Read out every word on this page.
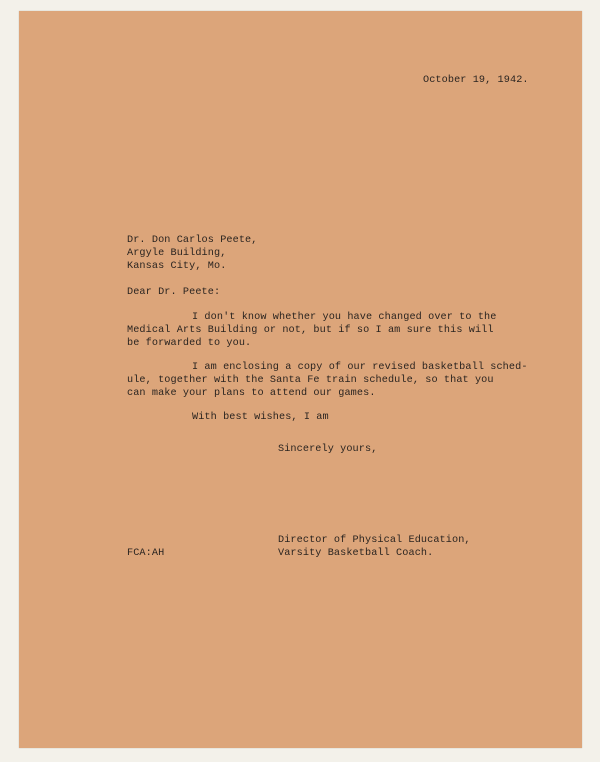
October 19, 1942.
Dr. Don Carlos Peete,
Argyle Building,
Kansas City, Mo.
Dear Dr. Peete:
I don't know whether you have changed over to the
Medical Arts Building or not, but if so I am sure this will
be forwarded to you.
I am enclosing a copy of our revised basketball sched-
ule, together with the Santa Fe train schedule, so that you
can make your plans to attend our games.
With best wishes, I am
Sincerely yours,
Director of Physical Education,
Varsity Basketball Coach.
FCA:AH
